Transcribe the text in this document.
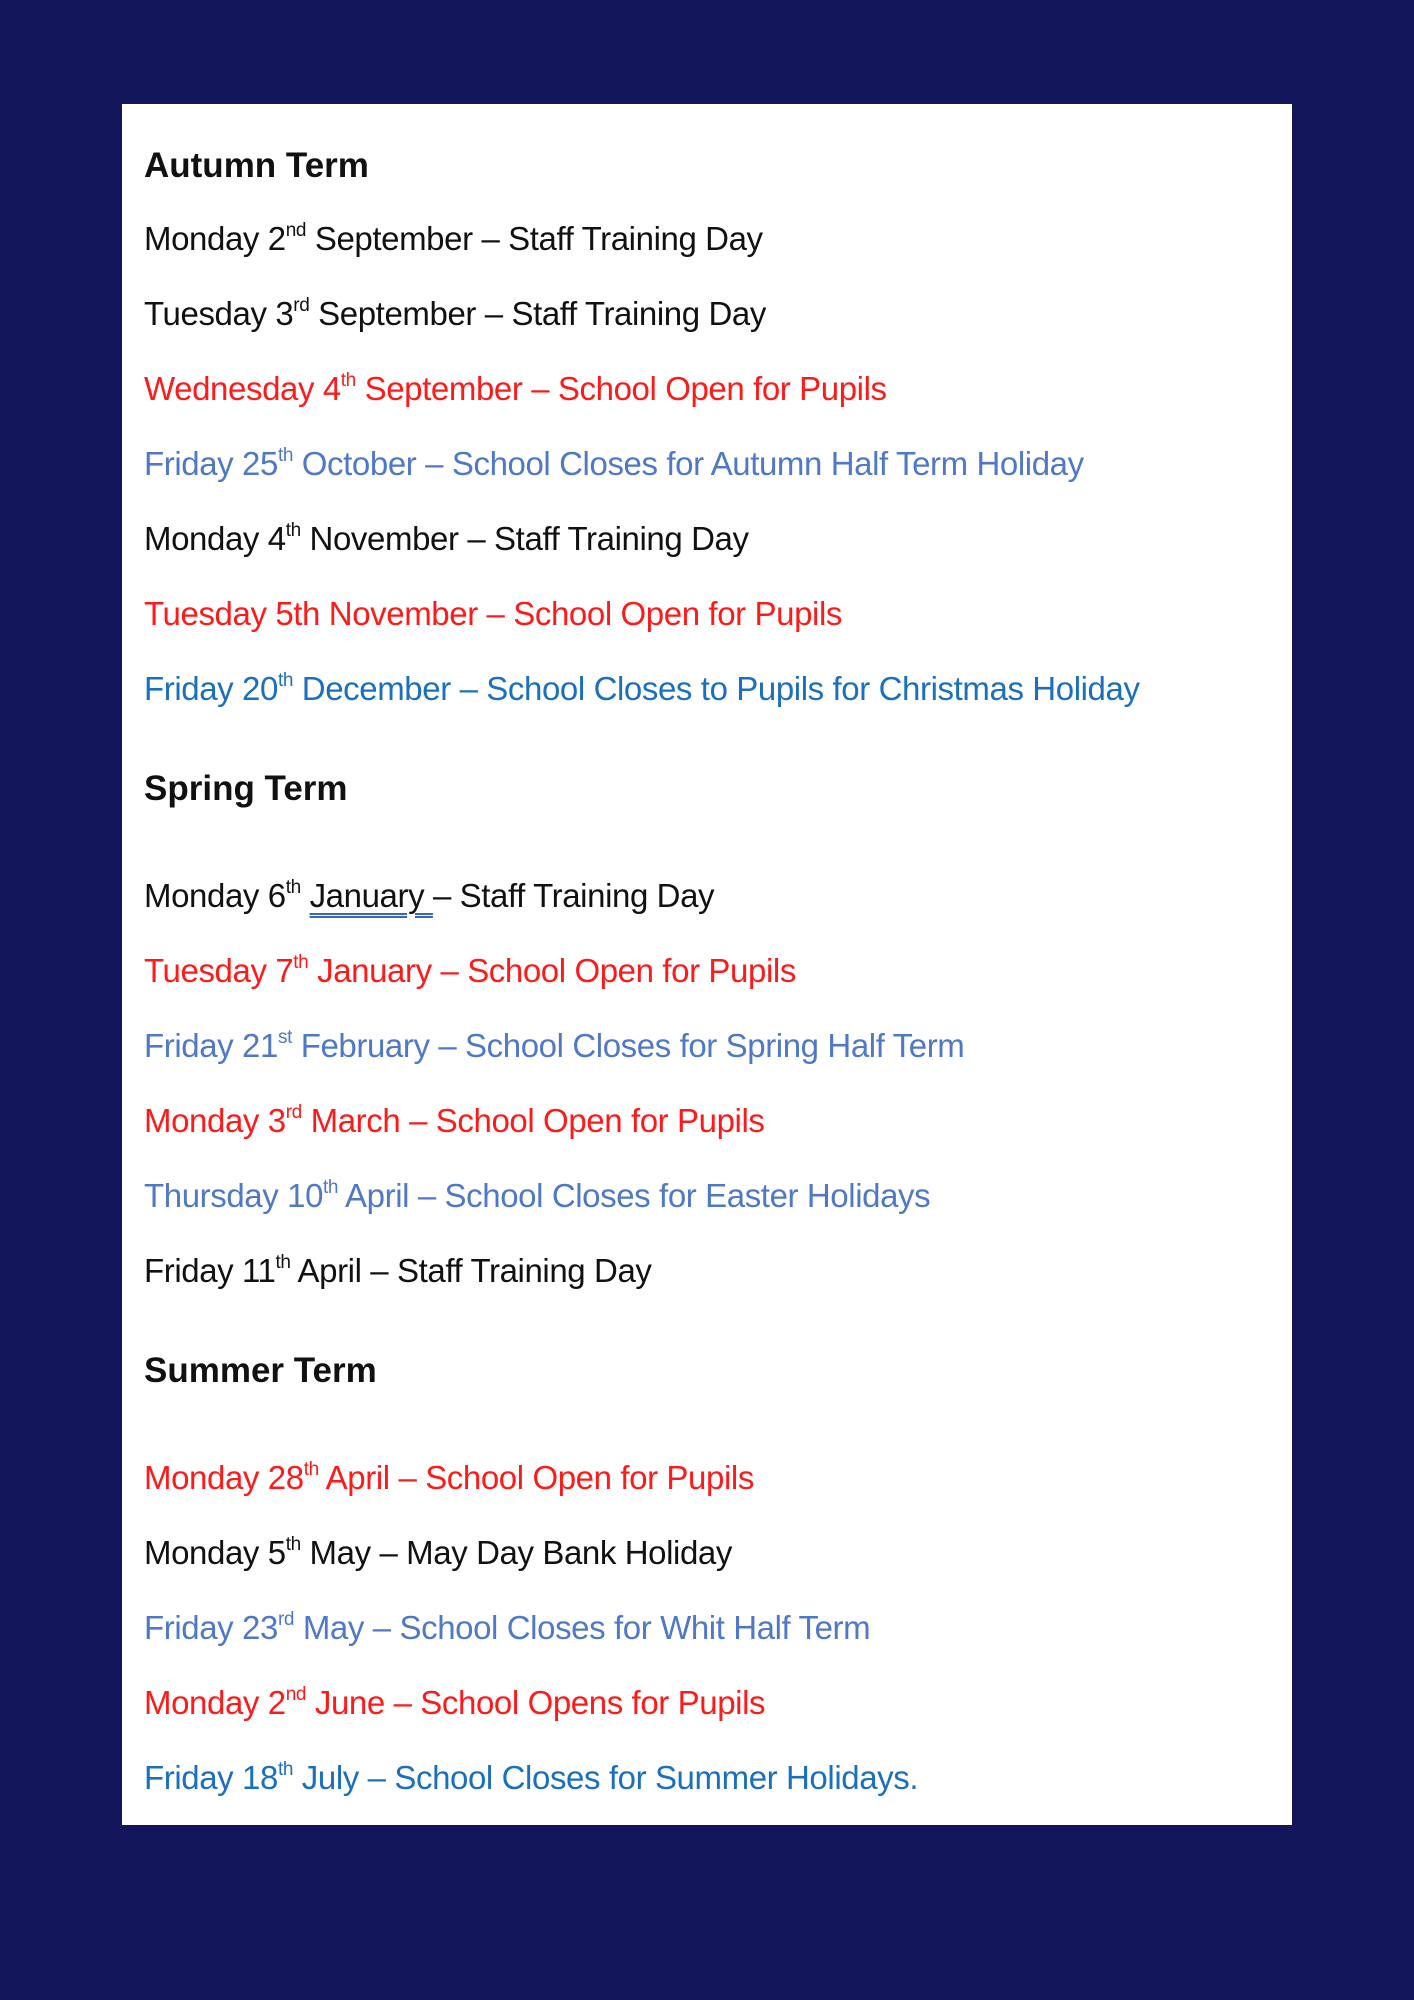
Autumn Term
Monday 2nd September – Staff Training Day
Tuesday 3rd September – Staff Training Day
Wednesday 4th September – School Open for Pupils
Friday 25th October – School Closes for Autumn Half Term Holiday
Monday 4th November – Staff Training Day
Tuesday 5th November – School Open for Pupils
Friday 20th December – School Closes to Pupils for Christmas Holiday
Spring Term
Monday 6th January – Staff Training Day
Tuesday 7th January – School Open for Pupils
Friday 21st February – School Closes for Spring Half Term
Monday 3rd March – School Open for Pupils
Thursday 10th April – School Closes for Easter Holidays
Friday 11th April – Staff Training Day
Summer Term
Monday 28th April – School Open for Pupils
Monday 5th May – May Day Bank Holiday
Friday 23rd May – School Closes for Whit Half Term
Monday 2nd June – School Opens for Pupils
Friday 18th July – School Closes for Summer Holidays.
